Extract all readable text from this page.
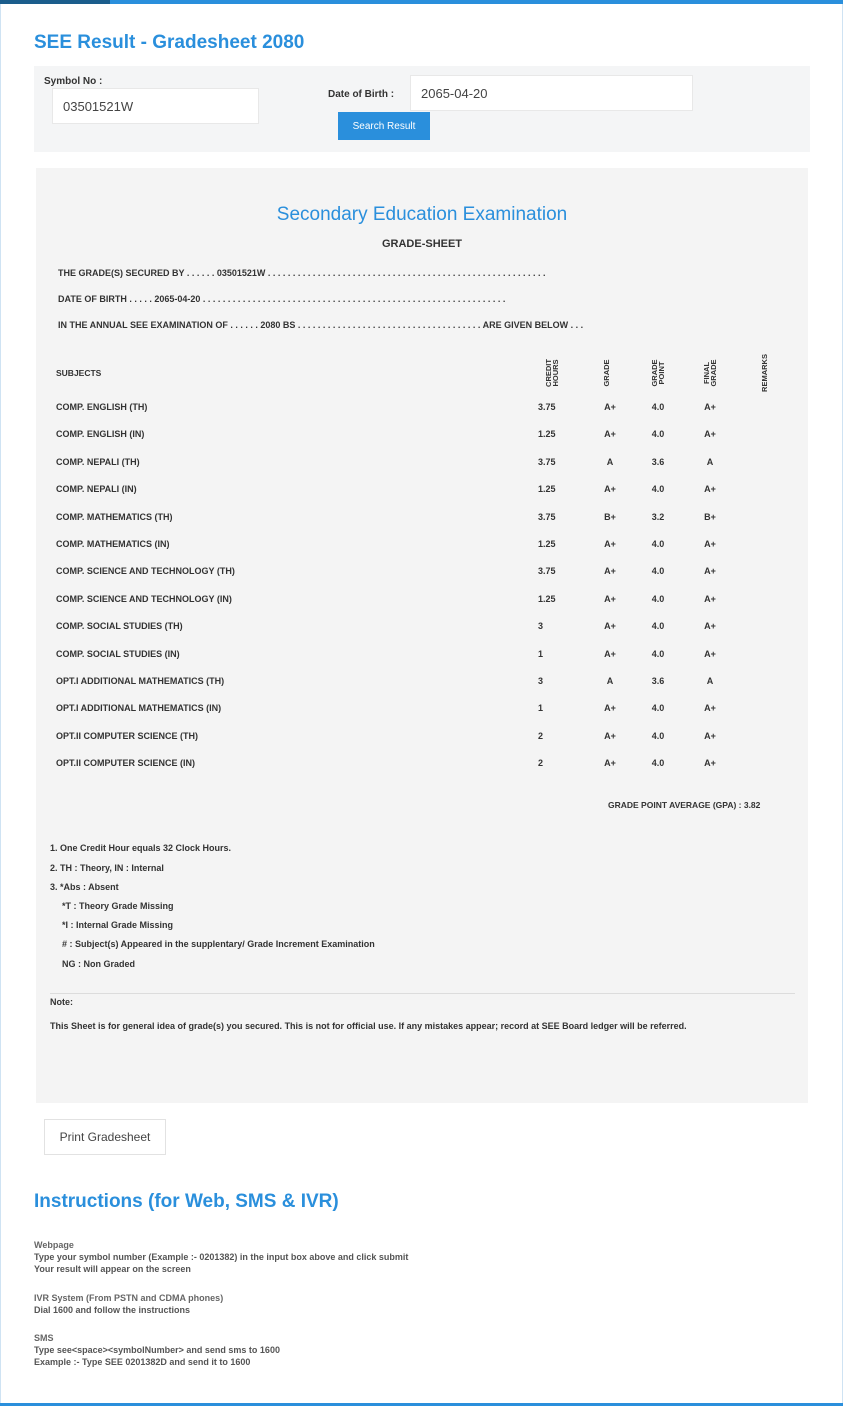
SEE Result - Gradesheet 2080
Symbol No :
03501521W
Date of Birth :	2065-04-20
Search Result
Secondary Education Examination
GRADE-SHEET
THE GRADE(S) SECURED BY . . . . . . 03501521W . . . . . . . . . . . . . . . . . . . . . . . . . . . . . . . . . . . . . . . . . . . . . . . . . . . . . . . .
DATE OF BIRTH . . . . . 2065-04-20 . . . . . . . . . . . . . . . . . . . . . . . . . . . . . . . . . . . . . . . . . . . . . . . . . . . . . . . . . . . . .
IN THE ANNUAL SEE EXAMINATION OF . . . . . . 2080 BS . . . . . . . . . . . . . . . . . . . . . . . . . . . . . . . . . . . . . ARE GIVEN BELOW . . .
SUBJECTS	CREDIT HOURS	GRADE	GRADE POINT	FINAL GRADE	REMARKS
COMP. ENGLISH (TH)	3.75	A+	4.0	A+
COMP. ENGLISH (IN)	1.25	A+	4.0	A+
COMP. NEPALI (TH)	3.75	A	3.6	A
COMP. NEPALI (IN)	1.25	A+	4.0	A+
COMP. MATHEMATICS (TH)	3.75	B+	3.2	B+
COMP. MATHEMATICS (IN)	1.25	A+	4.0	A+
COMP. SCIENCE AND TECHNOLOGY (TH)	3.75	A+	4.0	A+
COMP. SCIENCE AND TECHNOLOGY (IN)	1.25	A+	4.0	A+
COMP. SOCIAL STUDIES (TH)	3	A+	4.0	A+
COMP. SOCIAL STUDIES (IN)	1	A+	4.0	A+
OPT.I ADDITIONAL MATHEMATICS (TH)	3	A	3.6	A
OPT.I ADDITIONAL MATHEMATICS (IN)	1	A+	4.0	A+
OPT.II COMPUTER SCIENCE (TH)	2	A+	4.0	A+
OPT.II COMPUTER SCIENCE (IN)	2	A+	4.0	A+
GRADE POINT AVERAGE (GPA) : 3.82
1. One Credit Hour equals 32 Clock Hours.
2. TH : Theory, IN : Internal
3. *Abs : Absent
*T : Theory Grade Missing
*I : Internal Grade Missing
# : Subject(s) Appeared in the supplentary/ Grade Increment Examination
NG : Non Graded
Note:
This Sheet is for general idea of grade(s) you secured. This is not for official use. If any mistakes appear; record at SEE Board ledger will be referred.
Print Gradesheet
Instructions (for Web, SMS & IVR)
Webpage
Type your symbol number (Example :- 0201382) in the input box above and click submit
Your result will appear on the screen
IVR System (From PSTN and CDMA phones)
Dial 1600 and follow the instructions
SMS
Type see<space><symbolNumber> and send sms to 1600
Example :- Type SEE 0201382D and send it to 1600
